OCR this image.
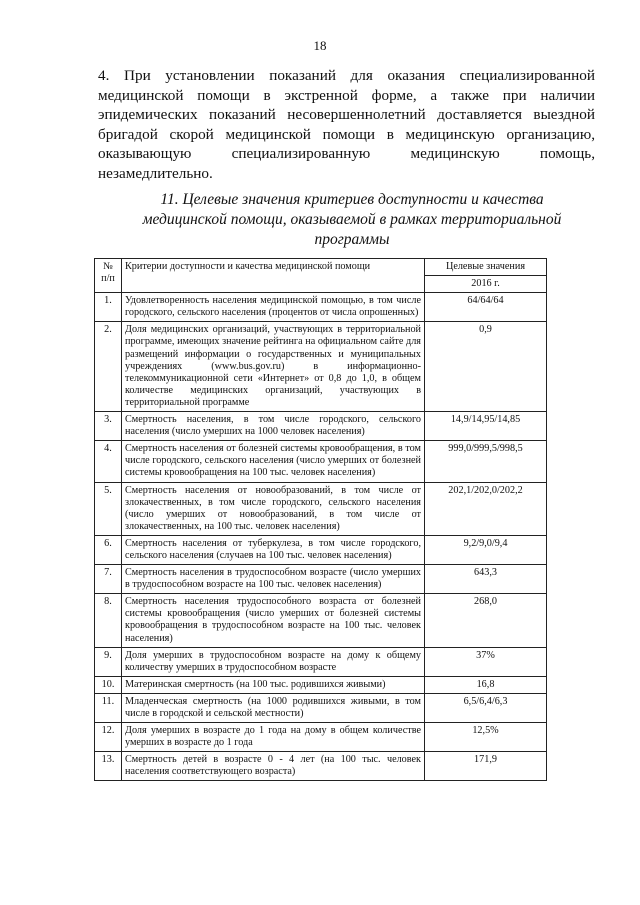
18
4. При установлении показаний для оказания специализированной
медицинской помощи в экстренной форме, а также при наличии
эпидемических показаний несовершеннолетний доставляется выездной
бригадой скорой медицинской помощи в медицинскую организацию,
оказывающую специализированную медицинскую помощь,
незамедлительно.
11. Целевые значения критериев доступности и качества
медицинской помощи, оказываемой в рамках территориальной
программы
№ п/п	Критерии доступности и качества медицинской помощи	Целевые значения
		2016 г.
1.	Удовлетворенность населения медицинской помощью, в том числе городского, сельского населения (процентов от числа опрошенных)	64/64/64
2.	Доля медицинских организаций, участвующих в территориальной программе, имеющих значение рейтинга на официальном сайте для размещений информации о государственных и муниципальных учреждениях (www.bus.gov.ru) в информационно-телекоммуникационной сети «Интернет» от 0,8 до 1,0, в общем количестве медицинских организаций, участвующих в территориальной программе	0,9
3.	Смертность населения, в том числе городского, сельского населения (число умерших на 1000 человек населения)	14,9/14,95/14,85
4.	Смертность населения от болезней системы кровообращения, в том числе городского, сельского населения (число умерших от болезней системы кровообращения на 100 тыс. человек населения)	999,0/999,5/998,5
5.	Смертность населения от новообразований, в том числе от злокачественных, в том числе городского, сельского населения (число умерших от новообразований, в том числе от злокачественных, на 100 тыс. человек населения)	202,1/202,0/202,2
6.	Смертность населения от туберкулеза, в том числе городского, сельского населения (случаев на 100 тыс. человек населения)	9,2/9,0/9,4
7.	Смертность населения в трудоспособном возрасте (число умерших в трудоспособном возрасте на 100 тыс. человек населения)	643,3
8.	Смертность населения трудоспособного возраста от болезней системы кровообращения (число умерших от болезней системы кровообращения в трудоспособном возрасте на 100 тыс. человек населения)	268,0
9.	Доля умерших в трудоспособном возрасте на дому к общему количеству умерших в трудоспособном возрасте	37%
10.	Материнская смертность (на 100 тыс. родившихся живыми)	16,8
11.	Младенческая смертность (на 1000 родившихся живыми, в том числе в городской и сельской местности)	6,5/6,4/6,3
12.	Доля умерших в возрасте до 1 года на дому в общем количестве умерших в возрасте до 1 года	12,5%
13.	Смертность детей в возрасте 0 - 4 лет (на 100 тыс. человек населения соответствующего возраста)	171,9
